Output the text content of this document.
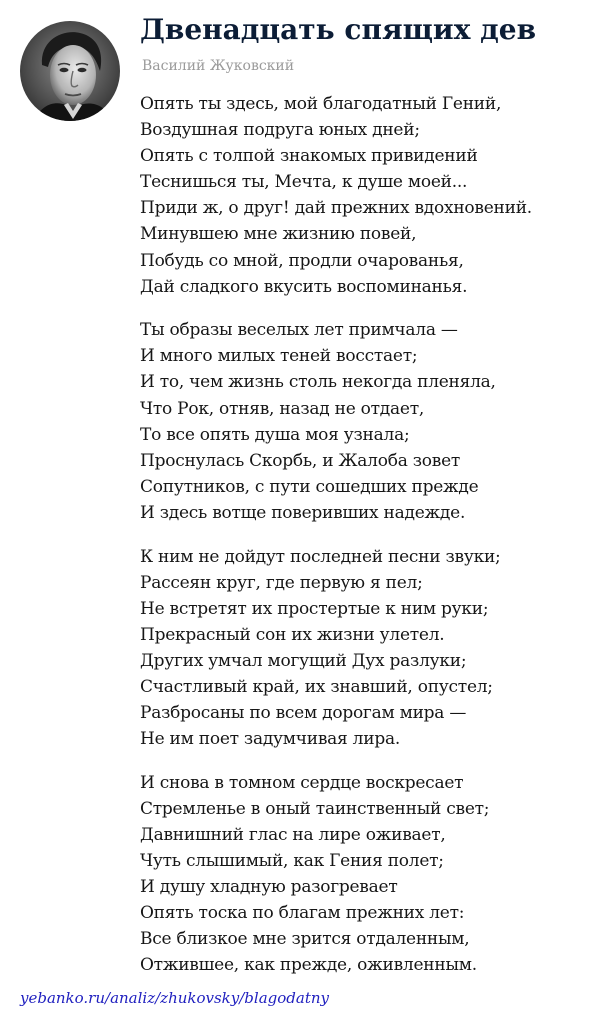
Двенадцать спящих дев
Василий Жуковский
Опять ты здесь, мой благодатный Гений,
Воздушная подруга юных дней;
Опять с толпой знакомых привидений
Теснишься ты, Мечта, к душе моей...
Приди ж, о друг! дай прежних вдохновений.
Минувшею мне жизнию повей,
Побудь со мной, продли очарованья,
Дай сладкого вкусить воспоминанья.
Ты образы веселых лет примчала —
И много милых теней восстает;
И то, чем жизнь столь некогда пленяла,
Что Рок, отняв, назад не отдает,
То все опять душа моя узнала;
Проснулась Скорбь, и Жалоба зовет
Сопутников, с пути сошедших прежде
И здесь вотще поверивших надежде.
К ним не дойдут последней песни звуки;
Рассеян круг, где первую я пел;
Не встретят их простертые к ним руки;
Прекрасный сон их жизни улетел.
Других умчал могущий Дух разлуки;
Счастливый край, их знавший, опустел;
Разбросаны по всем дорогам мира —
Не им поет задумчивая лира.
И снова в томном сердце воскресает
Стремленье в оный таинственный свет;
Давнишний глас на лире оживает,
Чуть слышимый, как Гения полет;
И душу хладную разогревает
Опять тоска по благам прежних лет:
Все близкое мне зрится отдаленным,
Отжившее, как прежде, оживленным.
yebanko.ru/analiz/zhukovsky/blagodatny
